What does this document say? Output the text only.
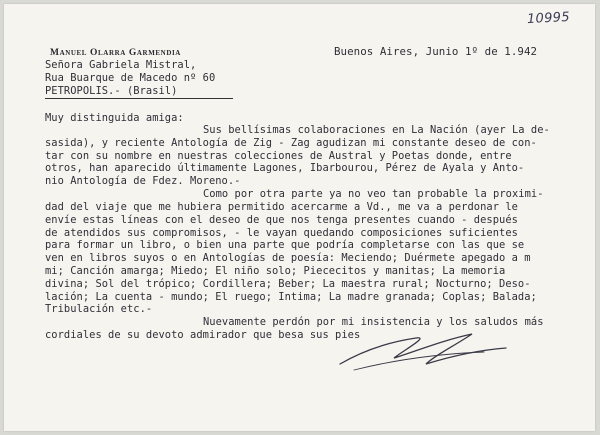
10995
Manuel Olarra Garmendia	Buenos Aires, Junio 1º de 1.942

Señora Gabriela Mistral,

Rua Buarque de Macedo nº 60

PETROPOLIS.- (Brasil)

Muy distinguida amiga:

Sus bellísimas colaboraciones en La Nación (ayer La de-

sasida), y reciente Antología de Zig - Zag agudizan mi constante deseo de con-

tar con su nombre en nuestras colecciones de Austral y Poetas donde, entre

otros, han aparecido últimamente Lagones, Ibarbourou, Pérez de Ayala y Anto-

nio Antología de Fdez. Moreno.-

Como por otra parte ya no veo tan probable la proximi-

dad del viaje que me hubiera permitido acercarme a Vd., me va a perdonar le

envíe estas líneas con el deseo de que nos tenga presentes cuando - después

de atendidos sus compromisos, - le vayan quedando composiciones suficientes

para formar un libro, o bien una parte que podría completarse con las que se

ven en libros suyos o en Antologías de poesía: Meciendo; Duérmete apegado a m

mi; Canción amarga; Miedo; El niño solo; Piececitos y manitas; La memoria

divina; Sol del trópico; Cordillera; Beber; La maestra rural; Nocturno; Deso-

lación; La cuenta - mundo; El ruego; Intima; La madre granada; Coplas; Balada;

Tribulación etc.-

Nuevamente perdón por mi insistencia y los saludos más

cordiales de su devoto admirador que besa sus pies
